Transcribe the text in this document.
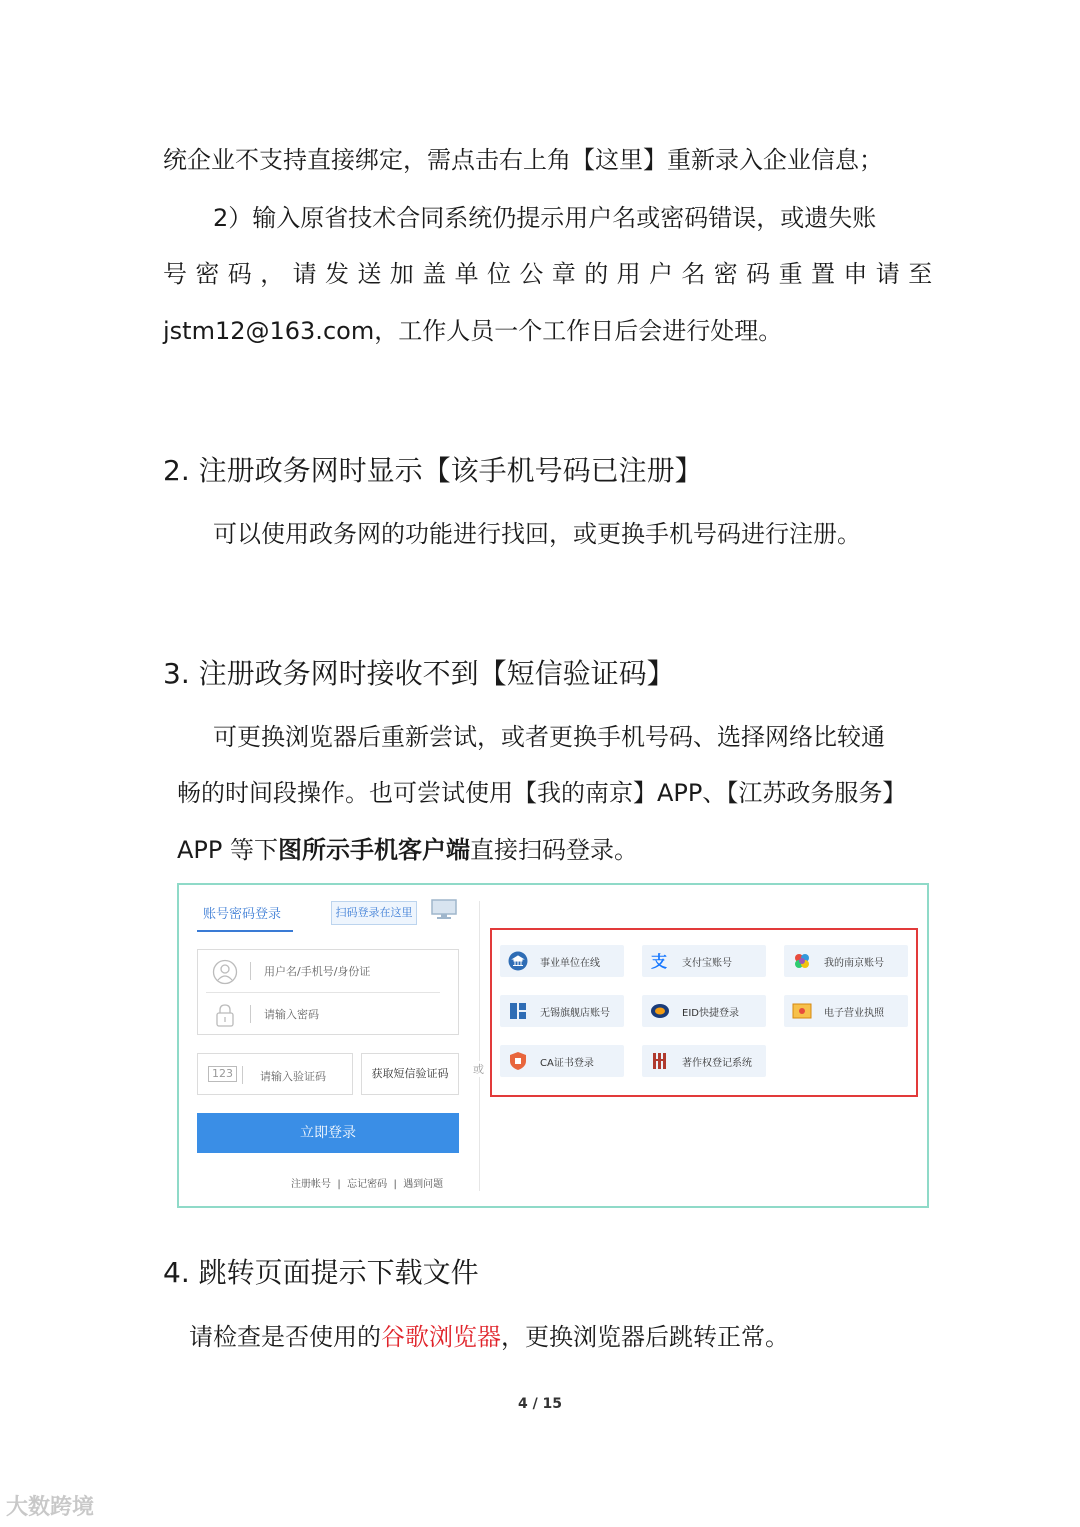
统企业不支持直接绑定，需点击右上角【这里】重新录入企业信息；
2）输入原省技术合同系统仍提示用户名或密码错误，或遗失账
号密码，请发送加盖单位公章的用户名密码重置申请至
jstm12@163.com，工作人员一个工作日后会进行处理。
2. 注册政务网时显示【该手机号码已注册】
可以使用政务网的功能进行找回，或更换手机号码进行注册。
3. 注册政务网时接收不到【短信验证码】
可更换浏览器后重新尝试，或者更换手机号码、选择网络比较通
畅的时间段操作。也可尝试使用【我的南京】APP、【江苏政务服务】
APP 等下图所示手机客户端直接扫码登录。
账号密码登录	扫码登录在这里
用户名/手机号/身份证
请输入密码
123	请输入验证码	获取短信验证码
立即登录
注册帐号 | 忘记密码 | 遇到问题
或
事业单位在线	支 支付宝账号	我的南京账号
无锡旗舰店账号	EID快捷登录	电子营业执照
CA证书登录	著作权登记系统
4. 跳转页面提示下载文件
请检查是否使用的谷歌浏览器，更换浏览器后跳转正常。
4 / 15
大数跨境
